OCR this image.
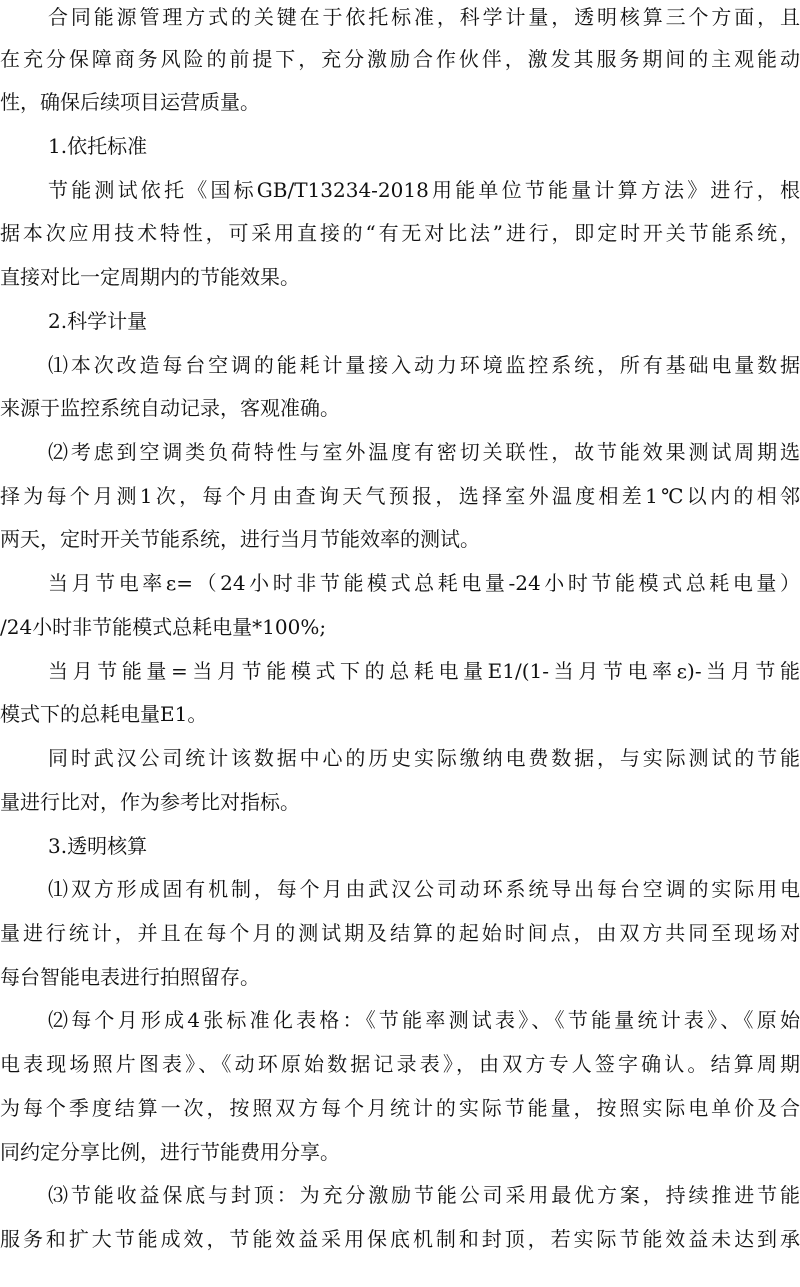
合同能源管理方式的关键在于依托标准，科学计量，透明核算三个方面，且
在充分保障商务风险的前提下，充分激励合作伙伴，激发其服务期间的主观能动
性，确保后续项目运营质量。
1.依托标准
节能测试依托《国标GB/T13234-2018用能单位节能量计算方法》进行，根
据本次应用技术特性，可采用直接的“有无对比法”进行，即定时开关节能系统，
直接对比一定周期内的节能效果。
2.科学计量
⑴本次改造每台空调的能耗计量接入动力环境监控系统，所有基础电量数据
来源于监控系统自动记录，客观准确。
⑵考虑到空调类负荷特性与室外温度有密切关联性，故节能效果测试周期选
择为每个月测1次，每个月由查询天气预报，选择室外温度相差1℃以内的相邻
两天，定时开关节能系统，进行当月节能效率的测试。
当月节电率ε=（24小时非节能模式总耗电量-24小时节能模式总耗电量）
/24小时非节能模式总耗电量*100%;
当月节能量=当月节能模式下的总耗电量E1/(1-当月节电率ε)-当月节能
模式下的总耗电量E1。
同时武汉公司统计该数据中心的历史实际缴纳电费数据，与实际测试的节能
量进行比对，作为参考比对指标。
3.透明核算
⑴双方形成固有机制，每个月由武汉公司动环系统导出每台空调的实际用电
量进行统计，并且在每个月的测试期及结算的起始时间点，由双方共同至现场对
每台智能电表进行拍照留存。
⑵每个月形成4张标准化表格：《节能率测试表》、《节能量统计表》、《原始
电表现场照片图表》、《动环原始数据记录表》，由双方专人签字确认。结算周期
为每个季度结算一次，按照双方每个月统计的实际节能量，按照实际电单价及合
同约定分享比例，进行节能费用分享。
⑶节能收益保底与封顶：为充分激励节能公司采用最优方案，持续推进节能
服务和扩大节能成效，节能效益采用保底机制和封顶，若实际节能效益未达到承
